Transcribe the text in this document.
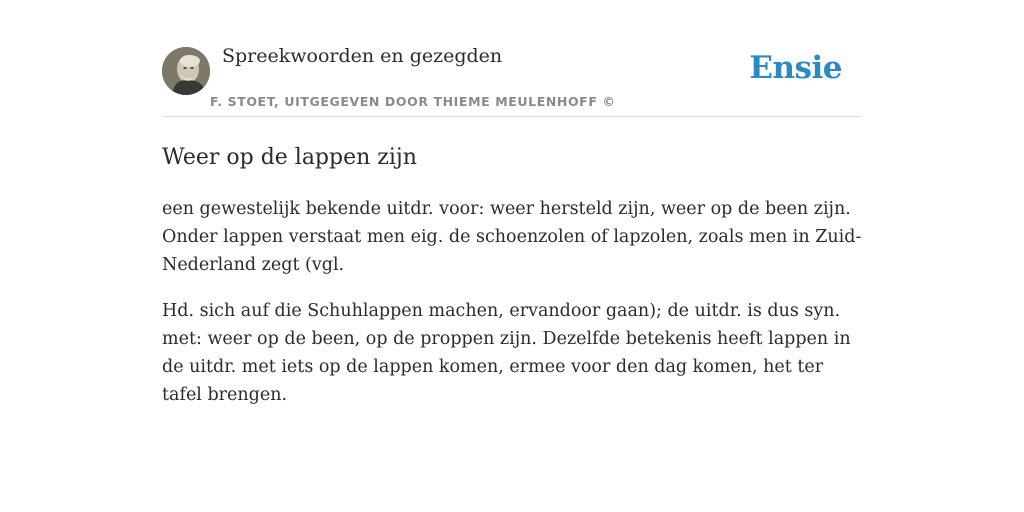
Spreekwoorden en gezegden
F. STOET, UITGEGEVEN DOOR THIEME MEULENHOFF ©
Ensie
Weer op de lappen zijn

een gewestelijk bekende uitdr. voor: weer hersteld zijn, weer op de been zijn. Onder lappen verstaat men eig. de schoenzolen of lapzolen, zoals men in Zuid-Nederland zegt (vgl.

Hd. sich auf die Schuhlappen machen, ervandoor gaan); de uitdr. is dus syn. met: weer op de been, op de proppen zijn. Dezelfde betekenis heeft lappen in de uitdr. met iets op de lappen komen, ermee voor den dag komen, het ter tafel brengen.
